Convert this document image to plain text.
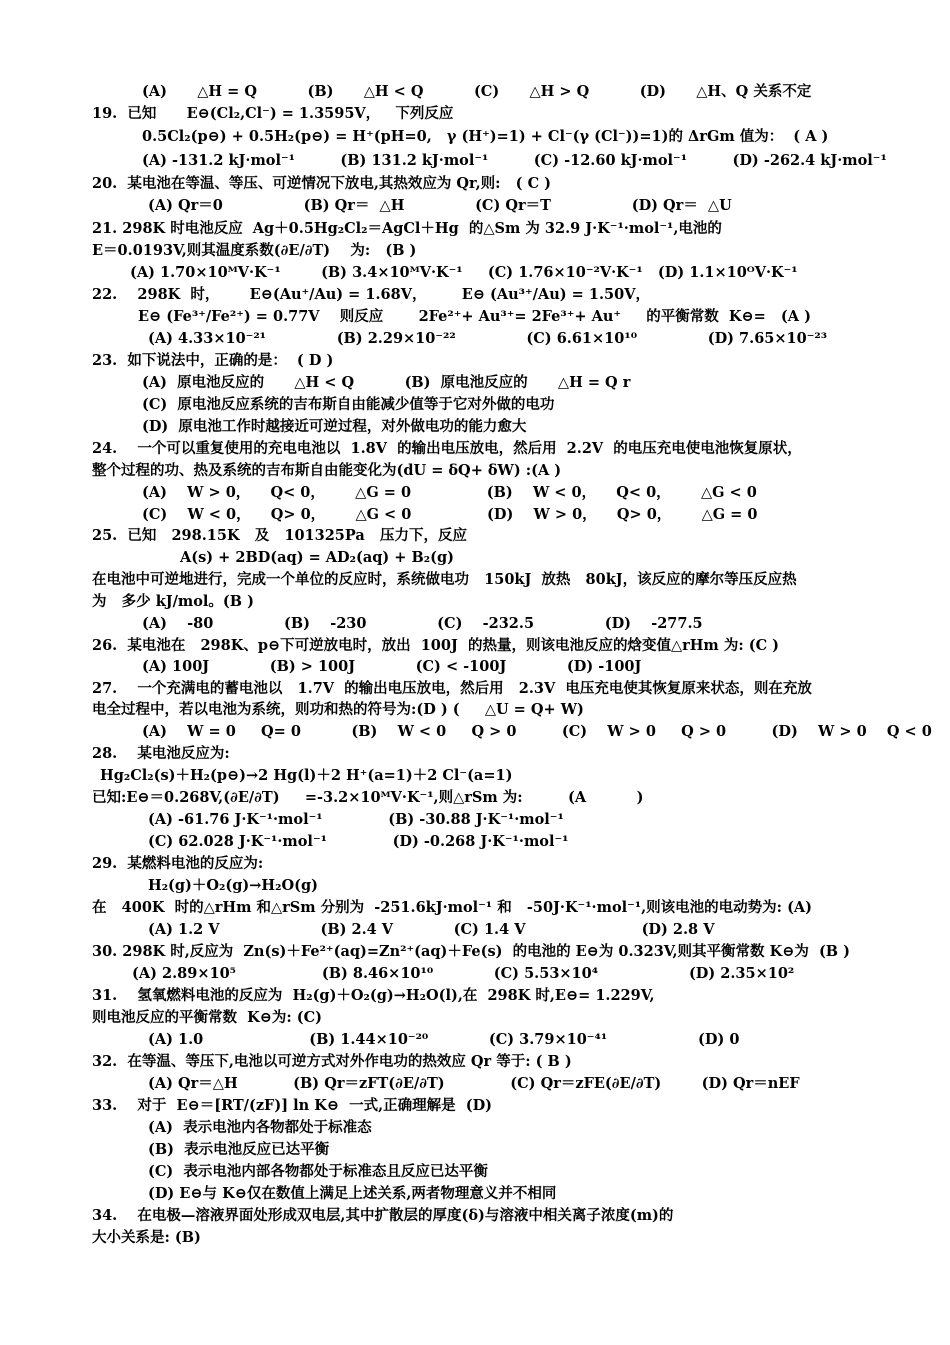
(A)      △H = Q          (B)      △H < Q          (C)      △H > Q          (D)      △H、Q 关系不定
19.  已知      E⊖(Cl₂,Cl⁻) = 1.3595V，   下列反应
0.5Cl₂(p⊖) + 0.5H₂(p⊖) = H⁺(pH=0,   γ (H⁺)=1) + Cl⁻(γ (Cl⁻))=1)的 ΔrGm 值为：  ( A )
(A) -131.2 kJ·mol⁻¹         (B) 131.2 kJ·mol⁻¹         (C) -12.60 kJ·mol⁻¹         (D) -262.4 kJ·mol⁻¹
20.  某电池在等温、等压、可逆情况下放电,其热效应为 Qr,则:   ( C )
(A) Qr＝0                (B) Qr＝  △H              (C) Qr＝T                (D) Qr＝  △U
21. 298K 时电池反应  Ag＋0.5Hg₂Cl₂＝AgCl＋Hg  的△Sm 为 32.9 J·K⁻¹·mol⁻¹,电池的
E＝0.0193V,则其温度系数(∂E/∂T)    为:   (B )
(A) 1.70×10ᴹV·K⁻¹        (B) 3.4×10ᴹV·K⁻¹     (C) 1.76×10⁻²V·K⁻¹   (D) 1.1×10ᴼV·K⁻¹
22.    298K  时，      E⊖(Au⁺/Au) = 1.68V，       E⊖ (Au³⁺/Au) = 1.50V，
E⊖ (Fe³⁺/Fe²⁺) = 0.77V    则反应       2Fe²⁺+ Au³⁺= 2Fe³⁺+ Au⁺     的平衡常数  K⊖=   (A )
(A) 4.33×10⁻²¹              (B) 2.29×10⁻²²              (C) 6.61×10¹⁰              (D) 7.65×10⁻²³
23.  如下说法中，正确的是：  ( D )
(A)  原电池反应的      △H < Q          (B)  原电池反应的      △H = Q r
(C)  原电池反应系统的吉布斯自由能减少值等于它对外做的电功
(D)  原电池工作时越接近可逆过程，对外做电功的能力愈大
24.    一个可以重复使用的充电电池以  1.8V  的输出电压放电，然后用  2.2V  的电压充电使电池恢复原状，
整个过程的功、热及系统的吉布斯自由能变化为(dU = δQ+ δW) :(A )
(A)    W > 0，    Q< 0，      △G = 0               (B)    W < 0，    Q< 0，      △G < 0
(C)    W < 0，    Q> 0，      △G < 0               (D)    W > 0，    Q> 0，      △G = 0
25.  已知   298.15K   及   101325Pa   压力下，反应
A(s) + 2BD(aq) = AD₂(aq) + B₂(g)
在电池中可逆地进行，完成一个单位的反应时，系统做电功   150kJ  放热   80kJ，该反应的摩尔等压反应热
为   多少 kJ/mol。(B )
(A)    -80              (B)    -230              (C)    -232.5              (D)    -277.5
26.  某电池在   298K、p⊖下可逆放电时，放出  100J  的热量，则该电池反应的焓变值△rHm 为: (C )
(A) 100J            (B) > 100J            (C) < -100J            (D) -100J
27.    一个充满电的蓄电池以   1.7V  的输出电压放电，然后用   2.3V  电压充电使其恢复原来状态，则在充放
电全过程中，若以电池为系统，则功和热的符号为:(D ) (     △U = Q+ W)
(A)    W = 0     Q= 0          (B)    W < 0     Q > 0         (C)    W > 0     Q > 0         (D)    W > 0    Q < 0
28.    某电池反应为:
Hg₂Cl₂(s)＋H₂(p⊖)→2 Hg(l)＋2 H⁺(a=1)＋2 Cl⁻(a=1)
已知:E⊖＝0.268V,(∂E/∂T)     =-3.2×10ᴹV·K⁻¹,则△rSm 为:         (A          )
(A) -61.76 J·K⁻¹·mol⁻¹             (B) -30.88 J·K⁻¹·mol⁻¹
(C) 62.028 J·K⁻¹·mol⁻¹             (D) -0.268 J·K⁻¹·mol⁻¹
29.  某燃料电池的反应为:
H₂(g)＋O₂(g)→H₂O(g)
在   400K  时的△rHm 和△rSm 分别为  -251.6kJ·mol⁻¹ 和   -50J·K⁻¹·mol⁻¹,则该电池的电动势为: (A)
(A) 1.2 V                    (B) 2.4 V            (C) 1.4 V                       (D) 2.8 V
30. 298K 时,反应为  Zn(s)＋Fe²⁺(aq)=Zn²⁺(aq)＋Fe(s)  的电池的 E⊖为 0.323V,则其平衡常数 K⊖为  (B )
(A) 2.89×10⁵                 (B) 8.46×10¹⁰            (C) 5.53×10⁴                  (D) 2.35×10²
31.    氢氧燃料电池的反应为  H₂(g)＋O₂(g)→H₂O(l),在  298K 时,E⊖= 1.229V,
则电池反应的平衡常数  K⊖为: (C)
(A) 1.0                     (B) 1.44×10⁻²⁰            (C) 3.79×10⁻⁴¹                  (D) 0
32.  在等温、等压下,电池以可逆方式对外作电功的热效应 Qr 等于: ( B )
(A) Qr＝△H           (B) Qr＝zFT(∂E/∂T)             (C) Qr＝zFE(∂E/∂T)        (D) Qr＝nEF
33.    对于  E⊖＝[RT/(zF)] ln K⊖  一式,正确理解是  (D)
(A)  表示电池内各物都处于标准态
(B)  表示电池反应已达平衡
(C)  表示电池内部各物都处于标准态且反应已达平衡
(D) E⊖与 K⊖仅在数值上满足上述关系,两者物理意义并不相同
34.    在电极—溶液界面处形成双电层,其中扩散层的厚度(δ)与溶液中相关离子浓度(m)的
大小关系是: (B)
